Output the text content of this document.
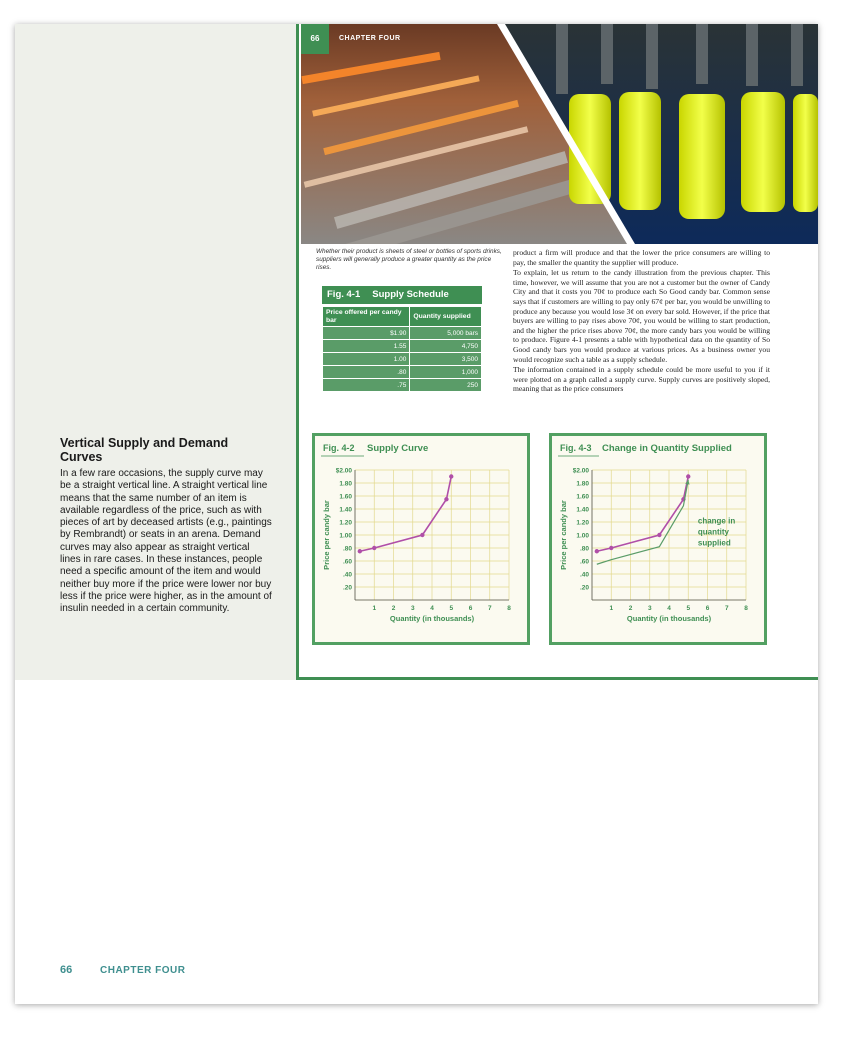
Vertical Supply and Demand Curves
In a few rare occasions, the supply curve may be a straight vertical line. A straight vertical line means that the same number of an item is available regardless of the price, such as with pieces of art by deceased artists (e.g., paintings by Rembrandt) or seats in an arena. Demand curves may also appear as straight vertical lines in rare cases. In these instances, people need a specific amount of the item and would neither buy more if the price were lower nor buy less if the price were higher, as in the amount of insulin needed in a certain community.
66	CHAPTER FOUR
Whether their product is sheets of steel or bottles of sports drinks, suppliers will generally produce a greater quantity as the price rises.

product a firm will produce and that the lower the price consumers are willing to pay, the smaller the quantity the supplier will produce.

To explain, let us return to the candy illustration from the previous chapter. This time, however, we will assume that you are not a customer but the owner of Candy City and that it costs you 70¢ to produce each So Good candy bar. Common sense says that if customers are willing to pay only 67¢ per bar, you would be unwilling to produce any because you would lose 3¢ on every bar sold. However, if the price that buyers are willing to pay rises above 70¢, you would be willing to start production, and the higher the price rises above 70¢, the more candy bars you would be willing to produce. Figure 4-1 presents a table with hypothetical data on the quantity of So Good candy bars you would produce at various prices. As a business owner you would recognize such a table as a supply schedule.

The information contained in a supply schedule could be more useful to you if it were plotted on a graph called a supply curve. Supply curves are positively sloped, meaning that as the price consumers

Fig. 4-1 Supply Schedule
Price offered per candy bar	Quantity supplied
$1.90	5,000 bars
1.55	4,750
1.00	3,500
.80	1,000
.75	250
Fig. 4-2 Supply Curve
.20
.40
.60
.80
1.00
1.20
1.40
1.60
1.80
$2.00
1 2 3 4 5 6 7 8
Quantity (in thousands)
Price per candy bar
Fig. 4-3 Change in Quantity Supplied
.20
.40
.60
.80
1.00
1.20
1.40
1.60
1.80
$2.00
1 2 3 4 5 6 7 8
Quantity (in thousands)
Price per candy bar	change in
quantity
supplied
66	CHAPTER FOUR
